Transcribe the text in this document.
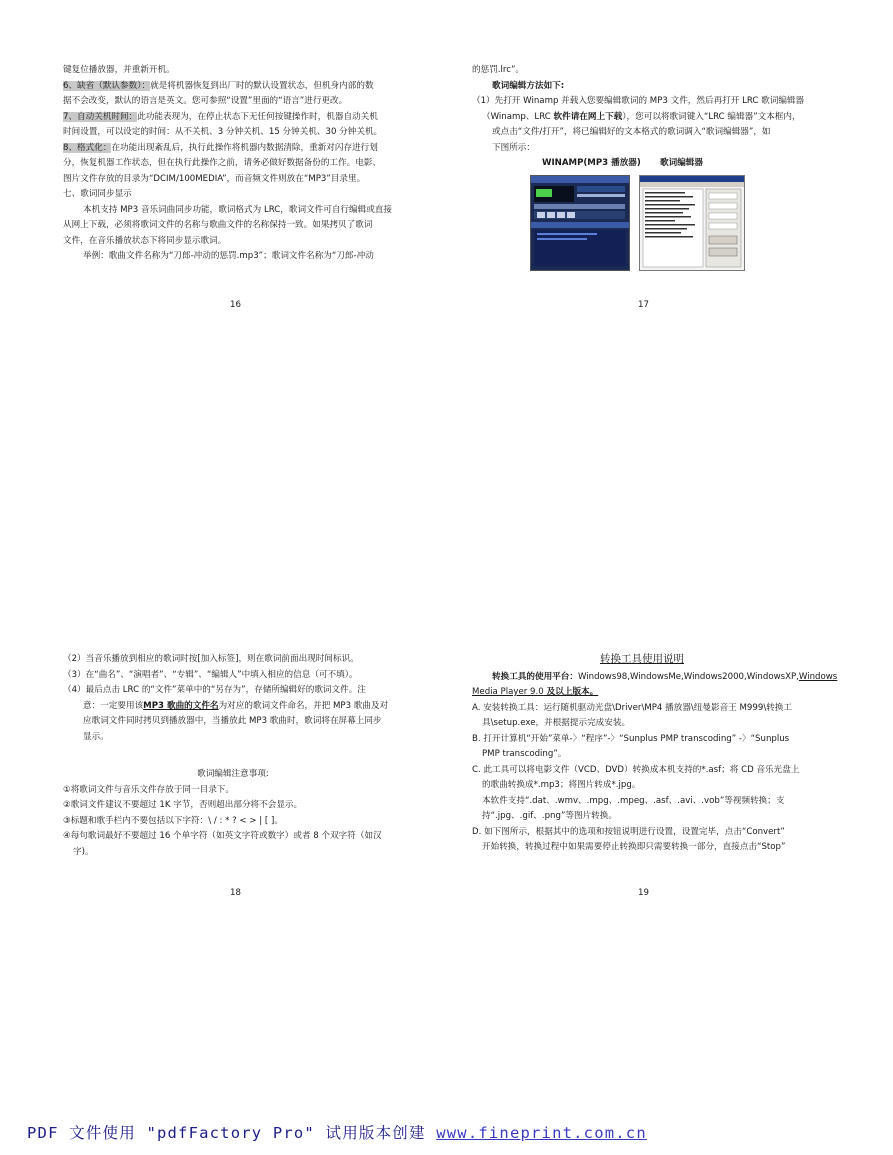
键复位播放器，并重新开机。
6、缺省（默认参数）：就是将机器恢复到出厂时的默认设置状态，但机身内部的数
据不会改变，默认的语言是英文。您可参照“设置”里面的“语言”进行更改。
7、自动关机时间：此功能表现为，在停止状态下无任何按键操作时，机器自动关机
时间设置，可以设定的时间：从不关机、3 分钟关机、15 分钟关机、30 分钟关机。
8、格式化：在功能出现紊乱后，执行此操作将机器内数据清除，重新对闪存进行划
分，恢复机器工作状态，但在执行此操作之前，请务必做好数据备份的工作。电影、
图片文件存放的目录为“DCIM/100MEDIA”，而音频文件则放在“MP3”目录里。
七、歌词同步显示
本机支持 MP3 音乐词曲同步功能，歌词格式为 LRC，歌词文件可自行编辑或直接
从网上下载，必须将歌词文件的名称与歌曲文件的名称保持一致。如果拷贝了歌词
文件，在音乐播放状态下将同步显示歌词。
举例：歌曲文件名称为“刀郎-冲动的惩罚.mp3”；歌词文件名称为“刀郎-冲动
16
的惩罚.lrc”。
歌词编辑方法如下:
（1）先打开 Winamp 并载入您要编辑歌词的 MP3 文件，然后再打开 LRC 歌词编辑器
（Winamp、LRC 软件请在网上下载），您可以将歌词键入“LRC 编辑器”文本框内，
或点击“文件/打开”，将已编辑好的文本格式的歌词调入“歌词编辑器”，如
下图所示：
WINAMP(MP3 播放器)	歌词编辑器
17
（2）当音乐播放到相应的歌词时按[加入标签]，则在歌词前面出现时间标识。
（3）在“曲名”、“演唱者”、“专辑”、“编辑人”中填入相应的信息（可不填）。
（4）最后点击 LRC 的“文件”菜单中的“另存为”，存储所编辑好的歌词文件。注
意：一定要用该MP3 歌曲的文件名为对应的歌词文件命名，并把 MP3 歌曲及对
应歌词文件同时拷贝到播放器中，当播放此 MP3 歌曲时，歌词将在屏幕上同步
显示。
歌词编辑注意事项:
①将歌词文件与音乐文件存放于同一目录下。
②歌词文件建议不要超过 1K 字节，否则超出部分将不会显示。
③标题和歌手栏内不要包括以下字符：\ / : * ? < > | [ ]。
④每句歌词最好不要超过 16 个单字符（如英文字符或数字）或者 8 个双字符（如汉
字)。
18
转换工具使用说明
转换工具的使用平台：Windows98,WindowsMe,Windows2000,WindowsXP,Windows
Media Player 9.0 及以上版本。
A. 安装转换工具：运行随机驱动光盘\Driver\MP4 播放器\纽曼影音王 M999\转换工
具\setup.exe，并根据提示完成安装。
B. 打开计算机“开始”菜单-〉“程序”-〉“Sunplus PMP transcoding” -〉“Sunplus
PMP transcoding”。
C. 此工具可以将电影文件（VCD、DVD）转换成本机支持的*.asf；将 CD 音乐光盘上
的歌曲转换成*.mp3；将图片转成*.jpg。
本软件支持“.dat、.wmv、.mpg、.mpeg、.asf、.avi、.vob”等视频转换；支
持“.jpg、.gif、.png”等图片转换。
D. 如下图所示，根据其中的选项和按钮说明进行设置，设置完毕，点击“Convert”
开始转换，转换过程中如果需要停止转换即只需要转换一部分，直接点击“Stop”
19
PDF 文件使用 "pdfFactory Pro" 试用版本创建 www.fineprint.com.cn
